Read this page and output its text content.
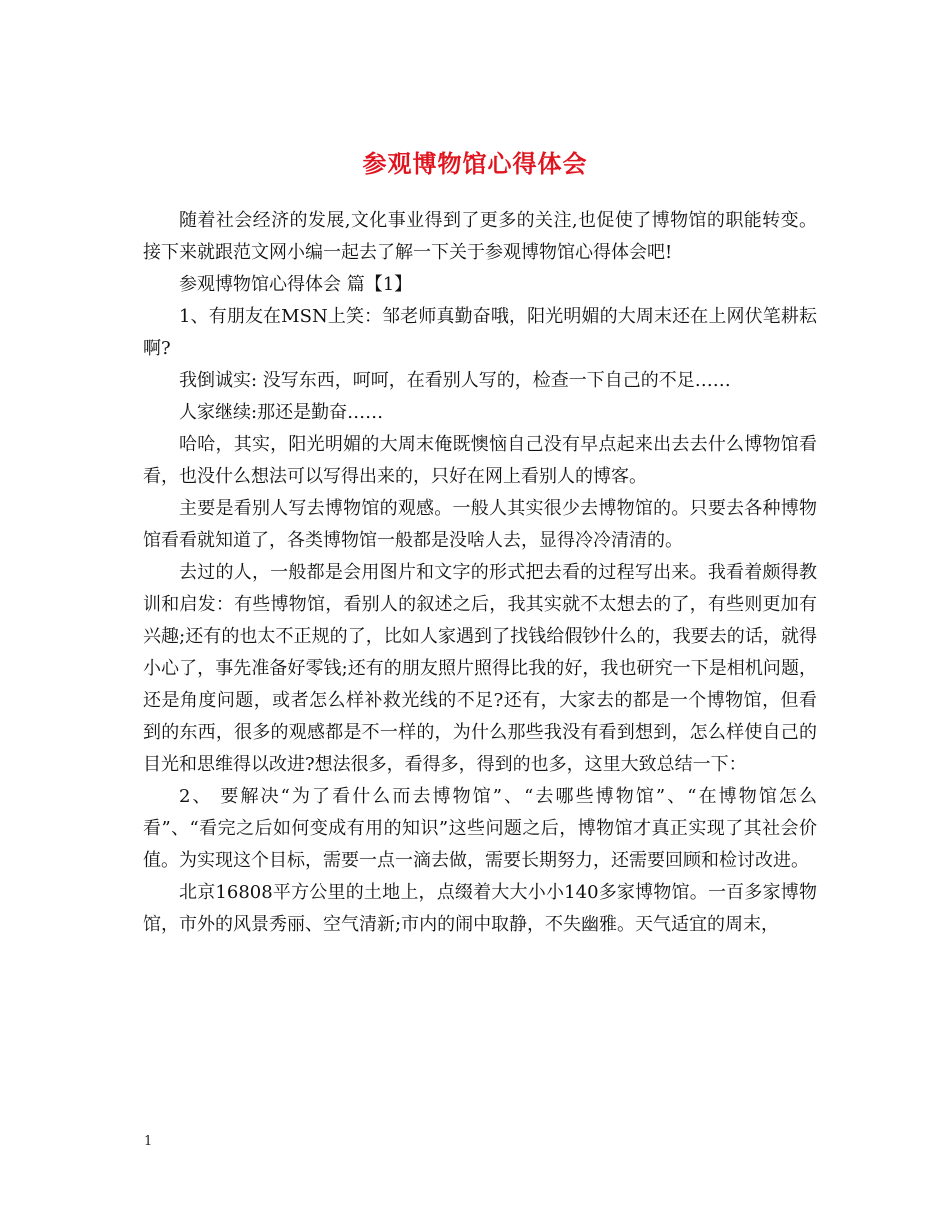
参观博物馆心得体会

随着社会经济的发展,文化事业得到了更多的关注,也促使了博物馆的职能转变。接下来就跟范文网小编一起去了解一下关于参观博物馆心得体会吧!

参观博物馆心得体会 篇【1】

1、有朋友在MSN上笑：邹老师真勤奋哦，阳光明媚的大周末还在上网伏笔耕耘啊?

我倒诚实: 没写东西，呵呵，在看别人写的，检查一下自己的不足……

人家继续:那还是勤奋……

哈哈，其实，阳光明媚的大周末俺既懊恼自己没有早点起来出去去什么博物馆看看，也没什么想法可以写得出来的，只好在网上看别人的博客。

主要是看别人写去博物馆的观感。一般人其实很少去博物馆的。只要去各种博物馆看看就知道了，各类博物馆一般都是没啥人去，显得冷冷清清的。

去过的人，一般都是会用图片和文字的形式把去看的过程写出来。我看着颇得教训和启发：有些博物馆，看别人的叙述之后，我其实就不太想去的了，有些则更加有兴趣;还有的也太不正规的了，比如人家遇到了找钱给假钞什么的，我要去的话，就得小心了，事先准备好零钱;还有的朋友照片照得比我的好，我也研究一下是相机问题，还是角度问题，或者怎么样补救光线的不足?还有，大家去的都是一个博物馆，但看到的东西，很多的观感都是不一样的，为什么那些我没有看到想到，怎么样使自己的目光和思维得以改进?想法很多，看得多，得到的也多，这里大致总结一下：

2、 要解决“为了看什么而去博物馆”、“去哪些博物馆”、“在博物馆怎么看”、“看完之后如何变成有用的知识”这些问题之后，博物馆才真正实现了其社会价值。为实现这个目标，需要一点一滴去做，需要长期努力，还需要回顾和检讨改进。

北京16808平方公里的土地上，点缀着大大小小140多家博物馆。一百多家博物馆，市外的风景秀丽、空气清新;市内的闹中取静，不失幽雅。天气适宜的周末，

1
